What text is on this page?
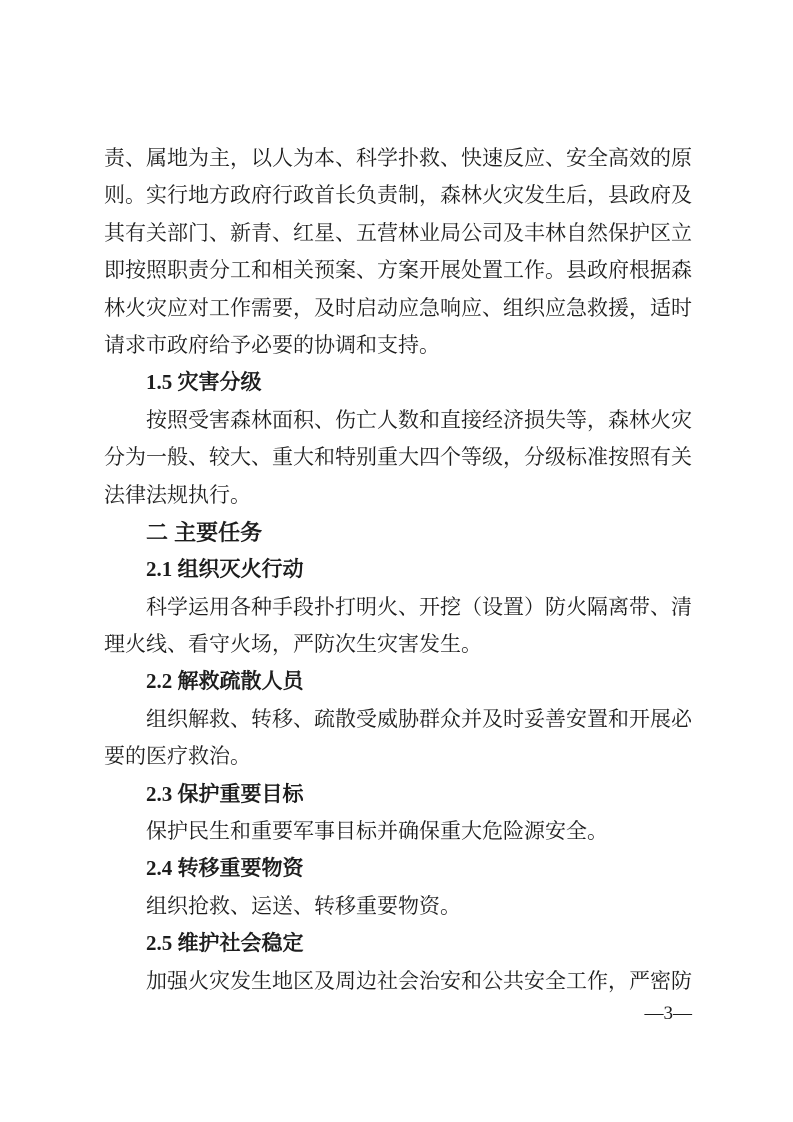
责、属地为主，以人为本、科学扑救、快速反应、安全高效的原
则。实行地方政府行政首长负责制，森林火灾发生后，县政府及
其有关部门、新青、红星、五营林业局公司及丰林自然保护区立
即按照职责分工和相关预案、方案开展处置工作。县政府根据森
林火灾应对工作需要，及时启动应急响应、组织应急救援，适时
请求市政府给予必要的协调和支持。
1.5 灾害分级
按照受害森林面积、伤亡人数和直接经济损失等，森林火灾
分为一般、较大、重大和特别重大四个等级，分级标准按照有关
法律法规执行。
二 主要任务
2.1 组织灭火行动
科学运用各种手段扑打明火、开挖（设置）防火隔离带、清
理火线、看守火场，严防次生灾害发生。
2.2 解救疏散人员
组织解救、转移、疏散受威胁群众并及时妥善安置和开展必
要的医疗救治。
2.3 保护重要目标
保护民生和重要军事目标并确保重大危险源安全。
2.4 转移重要物资
组织抢救、运送、转移重要物资。
2.5 维护社会稳定
加强火灾发生地区及周边社会治安和公共安全工作，严密防
—3—
